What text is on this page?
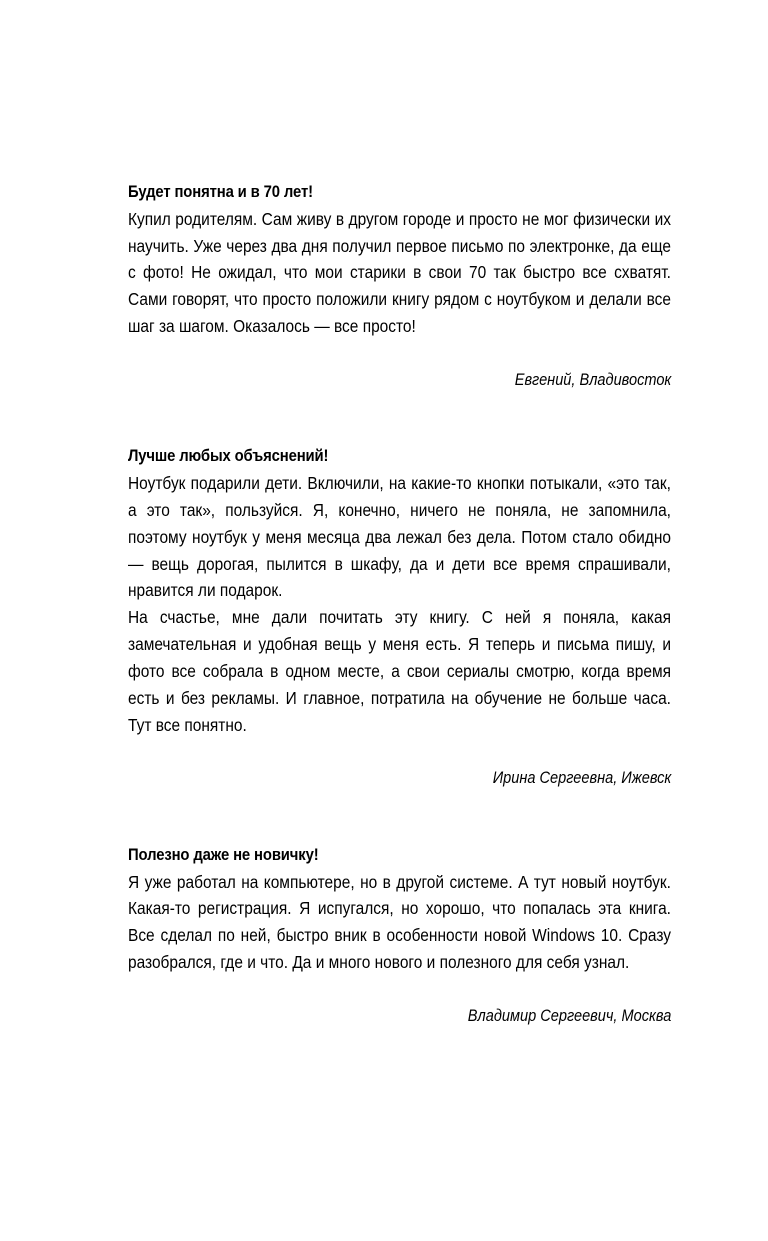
Будет понятна и в 70 лет!

Купил родителям. Сам живу в другом городе и просто не мог физически их научить. Уже через два дня получил первое письмо по электронке, да еще с фото! Не ожидал, что мои старики в свои 70 так быстро все схватят. Сами говорят, что просто положили книгу рядом с ноутбуком и делали все шаг за шагом. Оказалось — все просто!

Евгений, Владивосток

Лучше любых объяснений!

Ноутбук подарили дети. Включили, на какие-то кнопки потыкали, «это так, а это так», пользуйся. Я, конечно, ничего не поняла, не запомнила, поэтому ноутбук у меня месяца два лежал без дела. Потом стало обидно — вещь дорогая, пылится в шкафу, да и дети все время спрашивали, нравится ли подарок.

На счастье, мне дали почитать эту книгу. С ней я поняла, какая замечательная и удобная вещь у меня есть. Я теперь и письма пишу, и фото все собрала в одном месте, а свои сериалы смотрю, когда время есть и без рекламы. И главное, потратила на обучение не больше часа. Тут все понятно.

Ирина Сергеевна, Ижевск

Полезно даже не новичку!

Я уже работал на компьютере, но в другой системе. А тут новый ноутбук. Какая-то регистрация. Я испугался, но хорошо, что попалась эта книга. Все сделал по ней, быстро вник в особенности новой Windows 10. Сразу разобрался, где и что. Да и много нового и полезного для себя узнал.

Владимир Сергеевич, Москва
